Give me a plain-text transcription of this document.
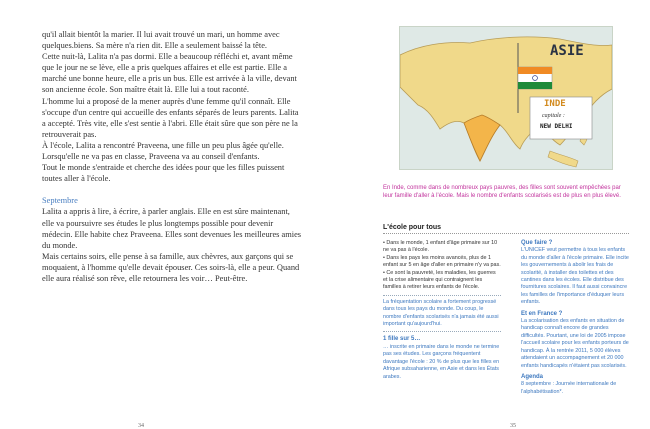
qu'il allait bientôt la marier. Il lui avait trouvé un mari, un homme avec quelques.biens. Sa mère n'a rien dit. Elle a seulement baissé la tête.

Cette nuit-là, Lalita n'a pas dormi. Elle a beaucoup réfléchi et, avant même que le jour ne se lève, elle a pris quelques affaires et elle est partie. Elle a marché une bonne heure, elle a pris un bus. Elle est arrivée à la ville, devant son ancienne école. Son maître était là. Elle lui a tout raconté.

L'homme lui a proposé de la mener auprès d'une femme qu'il connaît. Elle s'occupe d'un centre qui accueille des enfants séparés de leurs parents. Lalita a accepté. Très vite, elle s'est sentie à l'abri. Elle était sûre que son père ne la retrouverait pas.

À l'école, Lalita a rencontré Praveena, une fille un peu plus âgée qu'elle. Lorsqu'elle ne va pas en classe, Praveena va au conseil d'enfants.

Tout le monde s'entraide et cherche des idées pour que les filles puissent toutes aller à l'école.

Septembre

Lalita a appris à lire, à écrire, à parler anglais. Elle en est sûre maintenant, elle va poursuivre ses études le plus longtemps possible pour devenir médecin. Elle habite chez Praveena. Elles sont devenues les meilleures amies du monde.

Mais certains soirs, elle pense à sa famille, aux chèvres, aux garçons qui se moquaient, à l'homme qu'elle devait épouser. Ces soirs-là, elle a peur. Quand elle aura réalisé son rêve, elle retournera les voir… Peut-être.

34
ASIE
INDE
capitale :
NEW DELHI
En Inde, comme dans de nombreux pays pauvres, des filles sont souvent empêchées par leur famille d'aller à l'école. Mais le nombre d'enfants scolarisés est de plus en plus élevé.
L'école pour tous

• Dans le monde, 1 enfant d'âge primaire sur 10 ne va pas à l'école.

• Dans les pays les moins avancés, plus de 1 enfant sur 5 en âge d'aller en primaire n'y va pas.

• Ce sont la pauvreté, les maladies, les guerres et la crise alimentaire qui contraignent les familles à retirer leurs enfants de l'école.

La fréquentation scolaire a fortement progressé dans tous les pays du monde. Du coup, le nombre d'enfants scolarisés n'a jamais été aussi important qu'aujourd'hui.

1 fille sur 5…

… inscrite en primaire dans le monde ne termine pas ses études. Les garçons fréquentent davantage l'école : 20 % de plus que les filles en Afrique subsaharienne, en Asie et dans les États arabes.

Que faire ?

L'UNICEF veut permettre à tous les enfants du monde d'aller à l'école primaire. Elle incite les gouvernements à abolir les frais de scolarité, à installer des toilettes et des cantines dans les écoles. Elle distribue des fournitures scolaires. Il faut aussi convaincre les familles de l'importance d'éduquer leurs enfants.

Et en France ?

La scolarisation des enfants en situation de handicap connaît encore de grandes difficultés. Pourtant, une loi de 2005 impose l'accueil scolaire pour les enfants porteurs de handicap. À la rentrée 2011, 5 000 élèves attendaient un accompagnement et 20 000 enfants handicapés n'étaient pas scolarisés.

Agenda

8 septembre : Journée internationale de l'alphabétisation*.

35
